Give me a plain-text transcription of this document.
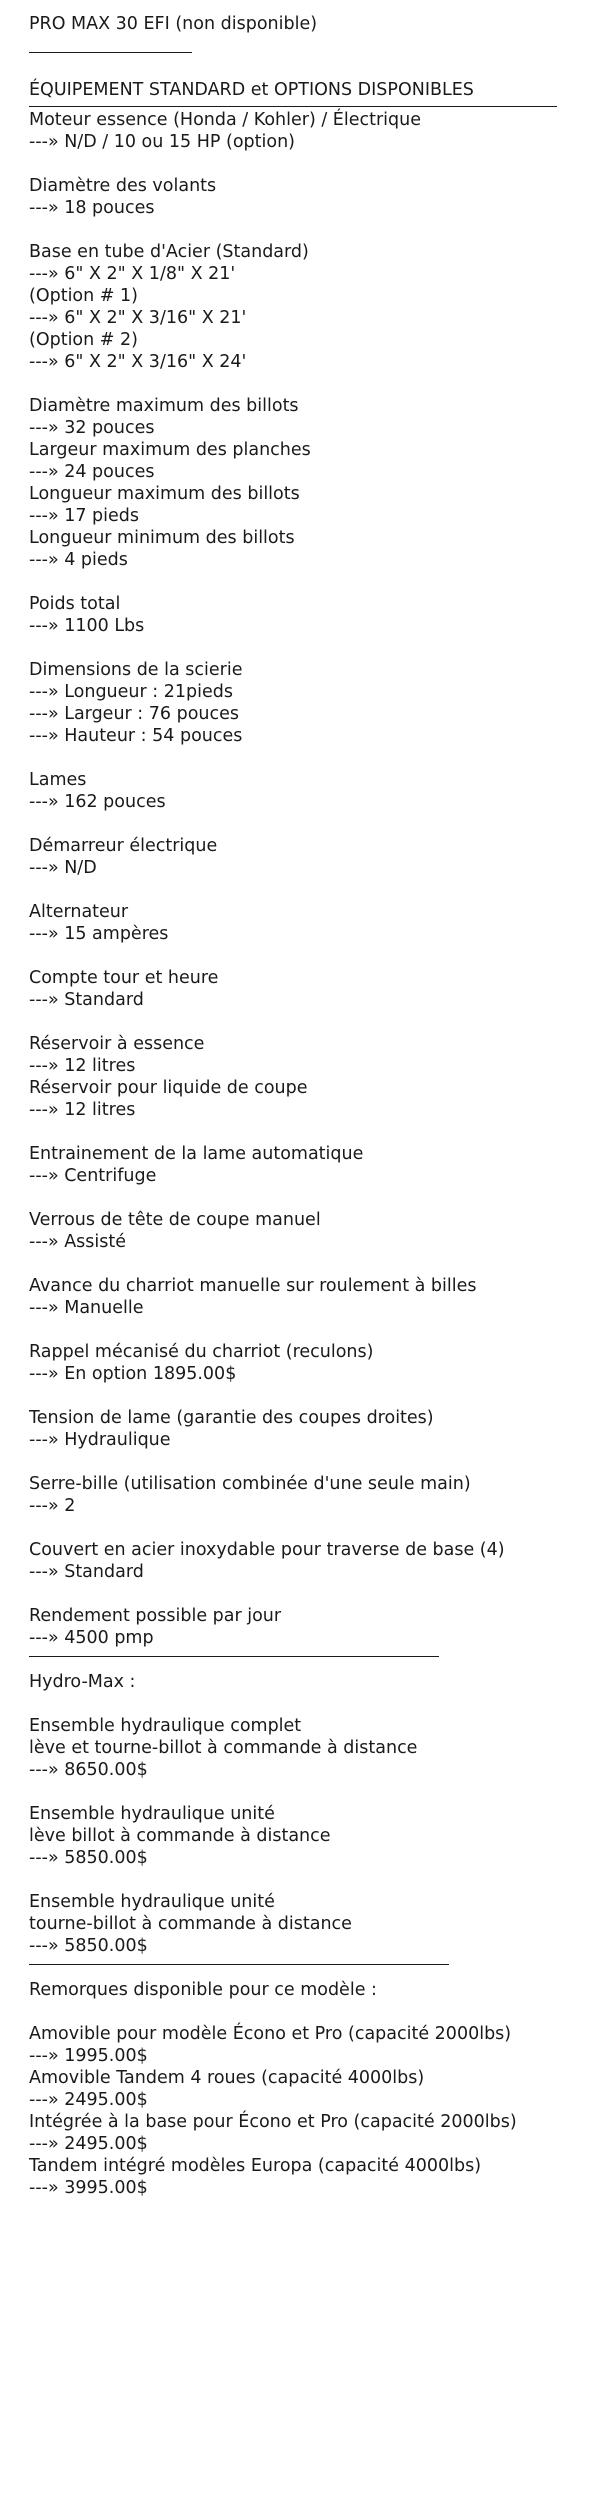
PRO MAX 30 EFI (non disponible)
ÉQUIPEMENT STANDARD et OPTIONS DISPONIBLES
Moteur essence (Honda / Kohler) / Électrique
---» N/D / 10 ou 15 HP (option)
Diamètre des volants
---» 18 pouces
Base en tube d'Acier (Standard)
---» 6" X 2" X 1/8" X 21'
(Option # 1)
---» 6" X 2" X 3/16" X 21'
(Option # 2)
---» 6" X 2" X 3/16" X 24'
Diamètre maximum des billots
---» 32 pouces
Largeur maximum des planches
---» 24 pouces
Longueur maximum des billots
---» 17 pieds
Longueur minimum des billots
---» 4 pieds
Poids total
---» 1100 Lbs
Dimensions de la scierie
---» Longueur : 21pieds
---» Largeur : 76 pouces
---» Hauteur : 54 pouces
Lames
---» 162 pouces
Démarreur électrique
---» N/D
Alternateur
---» 15 ampères
Compte tour et heure
---» Standard
Réservoir à essence
---» 12 litres
Réservoir pour liquide de coupe
---» 12 litres
Entrainement de la lame automatique
---» Centrifuge
Verrous de tête de coupe manuel
---» Assisté
Avance du charriot manuelle sur roulement à billes
---» Manuelle
Rappel mécanisé du charriot (reculons)
---» En option 1895.00$
Tension de lame (garantie des coupes droites)
---» Hydraulique
Serre-bille (utilisation combinée d'une seule main)
---» 2
Couvert en acier inoxydable pour traverse de base (4)
---» Standard
Rendement possible par jour
---» 4500 pmp
Hydro-Max :
Ensemble hydraulique complet
lève et tourne-billot à commande à distance
---» 8650.00$
Ensemble hydraulique unité
lève billot à commande à distance
---» 5850.00$
Ensemble hydraulique unité
tourne-billot à commande à distance
---» 5850.00$
Remorques disponible pour ce modèle :
Amovible pour modèle Écono et Pro (capacité 2000lbs)
---» 1995.00$
Amovible Tandem 4 roues (capacité 4000lbs)
---» 2495.00$
Intégrée à la base pour Écono et Pro (capacité 2000lbs)
---» 2495.00$
Tandem intégré modèles Europa (capacité 4000lbs)
---» 3995.00$
